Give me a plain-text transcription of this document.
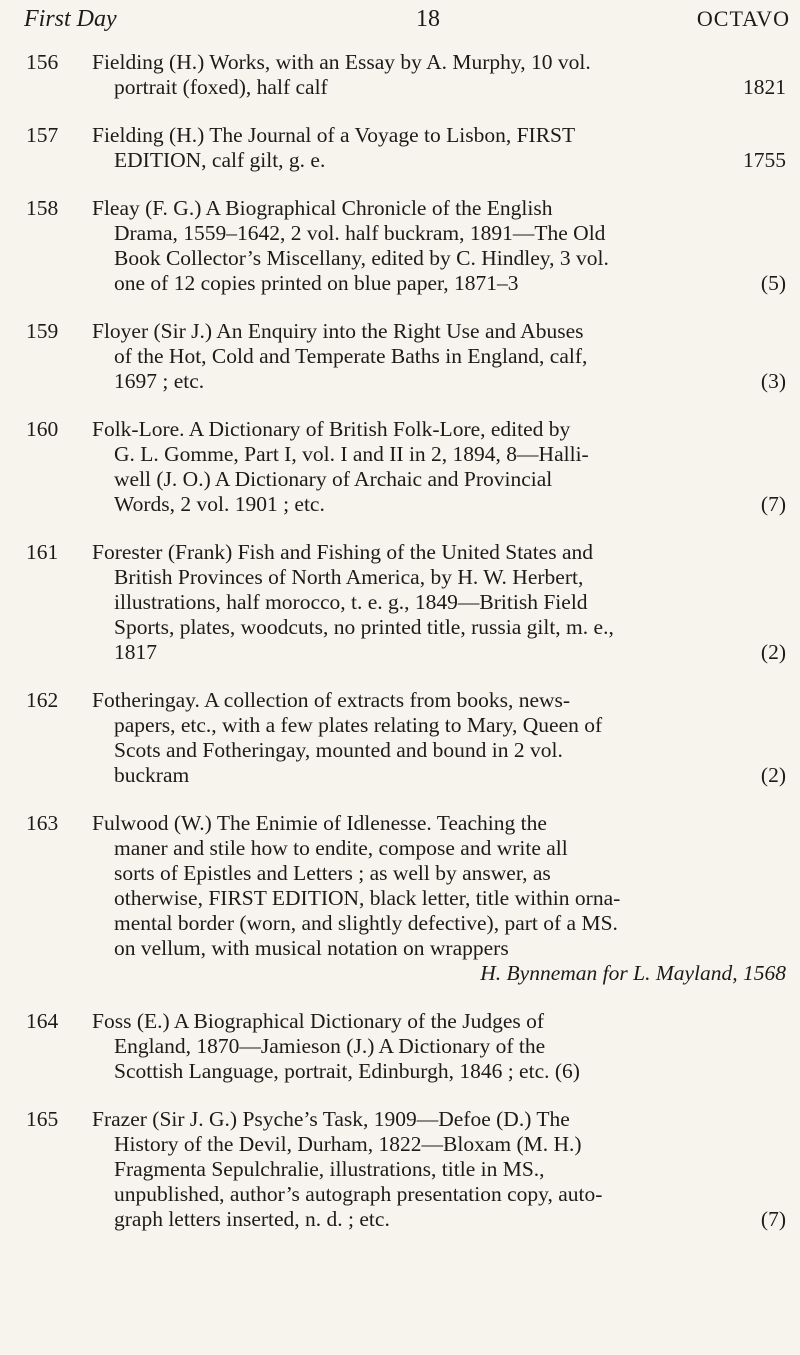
First Day	18	OCTAVO
156 Fielding (H.) Works, with an Essay by A. Murphy, 10 vol.
portrait (foxed), half calf	1821
157 Fielding (H.) The Journal of a Voyage to Lisbon, FIRST
EDITION, calf gilt, g. e.	1755
158 Fleay (F. G.) A Biographical Chronicle of the English
Drama, 1559–1642, 2 vol. half buckram, 1891—The Old
Book Collector’s Miscellany, edited by C. Hindley, 3 vol.
one of 12 copies printed on blue paper, 1871–3	(5)
159 Floyer (Sir J.) An Enquiry into the Right Use and Abuses
of the Hot, Cold and Temperate Baths in England, calf,
1697 ; etc.	(3)
160 Folk-Lore. A Dictionary of British Folk-Lore, edited by
G. L. Gomme, Part I, vol. I and II in 2, 1894, 8—Halli-
well (J. O.) A Dictionary of Archaic and Provincial
Words, 2 vol. 1901 ; etc.	(7)
161 Forester (Frank) Fish and Fishing of the United States and
British Provinces of North America, by H. W. Herbert,
illustrations, half morocco, t. e. g., 1849—British Field
Sports, plates, woodcuts, no printed title, russia gilt, m. e.,
1817	(2)
162 Fotheringay. A collection of extracts from books, news-
papers, etc., with a few plates relating to Mary, Queen of
Scots and Fotheringay, mounted and bound in 2 vol.
buckram	(2)
163 Fulwood (W.) The Enimie of Idlenesse. Teaching the
maner and stile how to endite, compose and write all
sorts of Epistles and Letters ; as well by answer, as
otherwise, FIRST EDITION, black letter, title within orna-
mental border (worn, and slightly defective), part of a MS.
on vellum, with musical notation on wrappers
H. Bynneman for L. Mayland, 1568
164 Foss (E.) A Biographical Dictionary of the Judges of
England, 1870—Jamieson (J.) A Dictionary of the
Scottish Language, portrait, Edinburgh, 1846 ; etc. (6)
165 Frazer (Sir J. G.) Psyche’s Task, 1909—Defoe (D.) The
History of the Devil, Durham, 1822—Bloxam (M. H.)
Fragmenta Sepulchralie, illustrations, title in MS.,
unpublished, author’s autograph presentation copy, auto-
graph letters inserted, n. d. ; etc.	(7)
